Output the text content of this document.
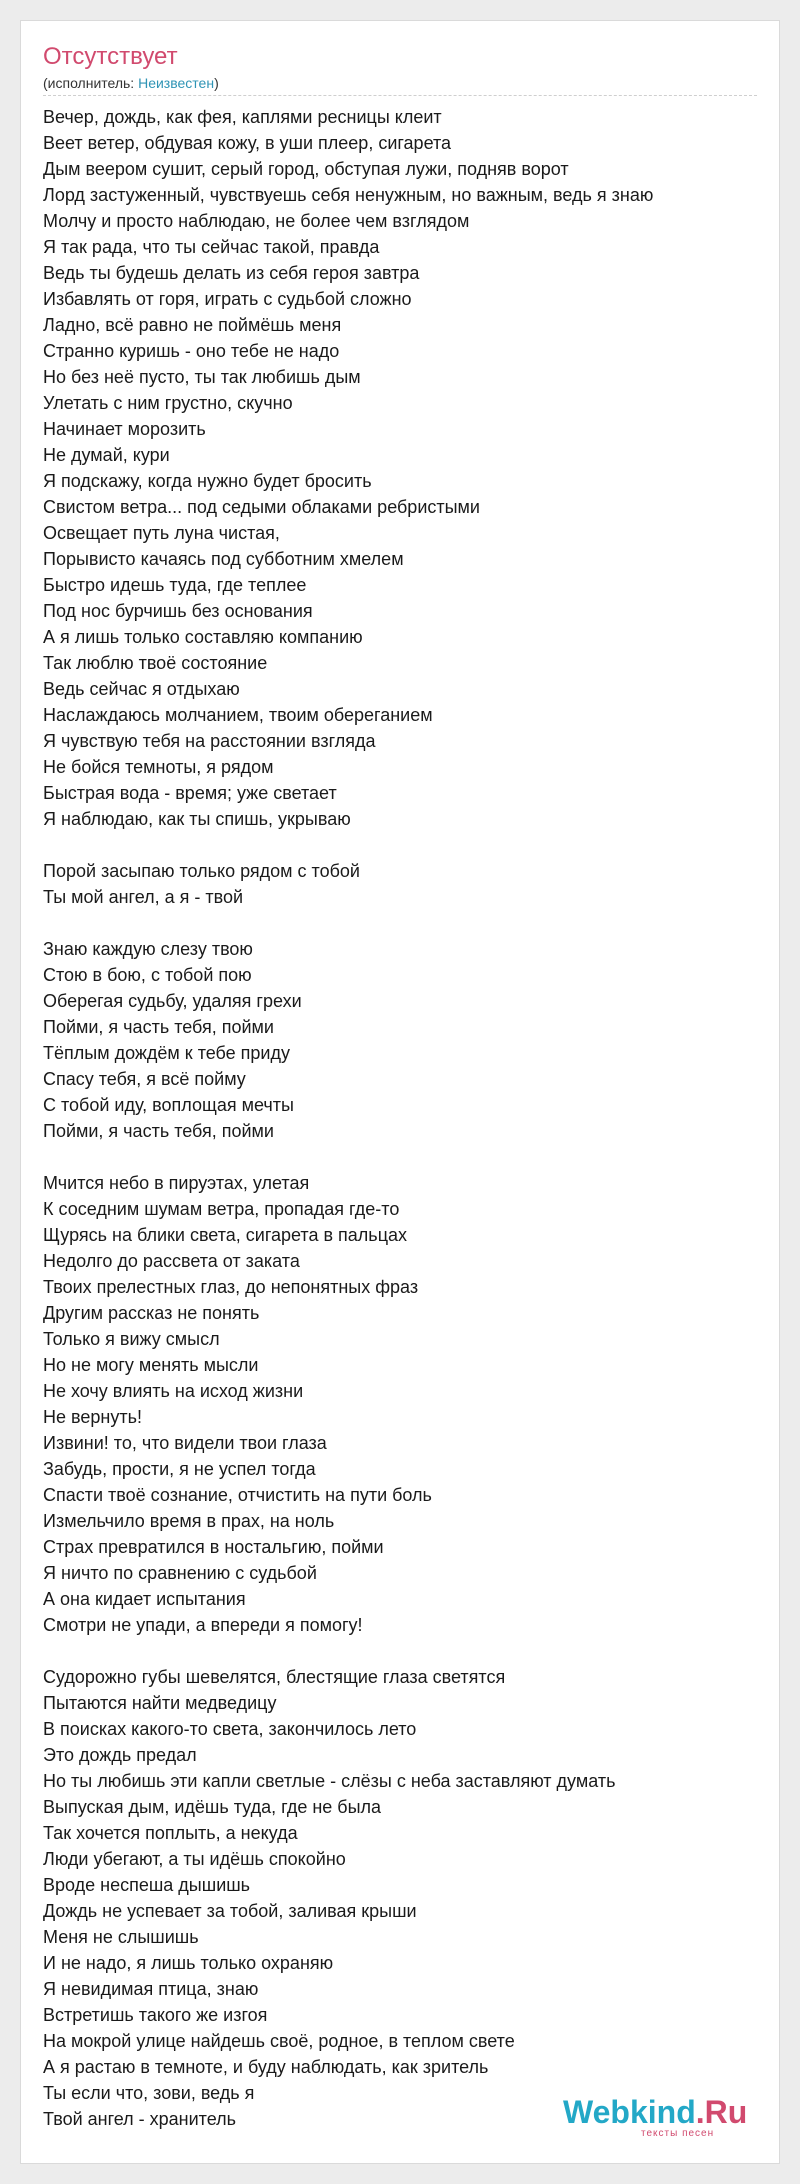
Отсутствует
(исполнитель: Неизвестен)
Вечер, дождь, как фея, каплями ресницы клеит
Веет ветер, обдувая кожу, в уши плеер, сигарета
Дым веером сушит, серый город, обступая лужи, подняв ворот
Лорд застуженный, чувствуешь себя ненужным, но важным, ведь я знаю
Молчу и просто наблюдаю, не более чем взглядом
Я так рада, что ты сейчас такой, правда
Ведь ты будешь делать из себя героя завтра
Избавлять от горя, играть с судьбой сложно
Ладно, всё равно не поймёшь меня
Странно куришь - оно тебе не надо
Но без неё пусто, ты так любишь дым
Улетать с ним грустно, скучно
Начинает морозить
Не думай, кури
Я подскажу, когда нужно будет бросить
Свистом ветра... под седыми облаками ребристыми
Освещает путь луна чистая,
Порывисто качаясь под субботним хмелем
Быстро идешь туда, где теплее
Под нос бурчишь без основания
А я лишь только составляю компанию
Так люблю твоё состояние
Ведь сейчас я отдыхаю
Наслаждаюсь молчанием, твоим оберeганием
Я чувствую тебя на расстоянии взгляда
Не бойся темноты, я рядом
Быстрая вода - время; уже светает
Я наблюдаю, как ты спишь, укрываю
Порой засыпаю только рядом с тобой
Ты мой ангел, а я - твой
Знаю каждую слезу твою
Стою в бою, с тобой пою
Оберегая судьбу, удаляя грехи
Пойми, я часть тебя, пойми
Тёплым дождём к тебе приду
Спасу тебя, я всё пойму
С тобой иду, воплощая мечты
Пойми, я часть тебя, пойми
Мчится небо в пируэтах, улетая
К соседним шумам ветра, пропадая где-то
Щурясь на блики света, сигарета в пальцах
Недолго до рассвета от заката
Твоих прелестных глаз, до непонятных фраз
Другим рассказ не понять
Только я вижу смысл
Но не могу менять мысли
Не хочу влиять на исход жизни
Не вернуть!
Извини! то, что видели твои глаза
Забудь, прости, я не успел тогда
Спасти твоё сознание, отчистить на пути боль
Измельчило время в прах, на ноль
Страх превратился в ностальгию, пойми
Я ничто по сравнению с судьбой
А она кидает испытания
Смотри не упади, а впереди я помогу!
Судорожно губы шевелятся, блестящие глаза светятся
Пытаются найти медведицу
В поисках какого-то света, закончилось лето
Это дождь предал
Но ты любишь эти капли светлые - слёзы с неба заставляют думать
Выпуская дым, идёшь туда, где не была
Так хочется поплыть, а некуда
Люди убегают, а ты идёшь спокойно
Вроде неспеша дышишь
Дождь не успевает за тобой, заливая крыши
Меня не слышишь
И не надо, я лишь только охраняю
Я невидимая птица, знаю
Встретишь такого же изгоя
На мокрой улице найдешь своё, родное, в теплом свете
А я растаю в темноте, и буду наблюдать, как зритель
Ты если что, зови, ведь я
Твой ангел - хранитель	Webkind.Ru
тексты песен
